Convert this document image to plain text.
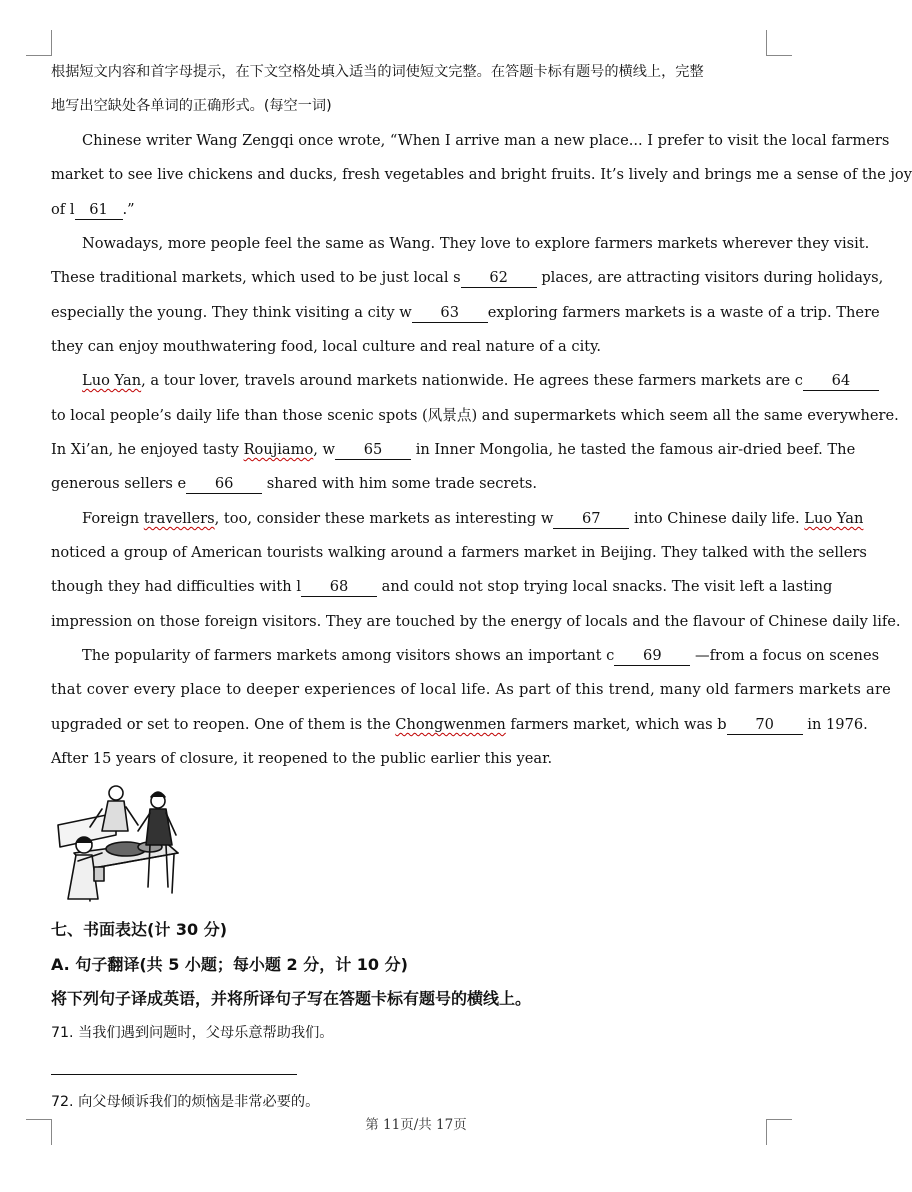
根据短文内容和首字母提示，在下文空格处填入适当的词使短文完整。在答题卡标有题号的横线上，完整
地写出空缺处各单词的正确形式。(每空一词)
Chinese writer Wang Zengqi once wrote, “When I arrive man a new place... I prefer to visit the local farmers
market to see live chickens and ducks, fresh vegetables and bright fruits. It’s lively and brings me a sense of the joy
of l 61 .”
Nowadays, more people feel the same as Wang. They love to explore farmers markets wherever they visit.
These traditional markets, which used to be just local s 62 places, are attracting visitors during holidays,
especially the young. They think visiting a city w 63 exploring farmers markets is a waste of a trip. There
they can enjoy mouthwatering food, local culture and real nature of a city.
Luo Yan, a tour lover, travels around markets nationwide. He agrees these farmers markets are c 64
to local people’s daily life than those scenic spots (风景点) and supermarkets which seem all the same everywhere.
In Xi’an, he enjoyed tasty Roujiamo, w 65 in Inner Mongolia, he tasted the famous air-dried beef. The
generous sellers e 66 shared with him some trade secrets.
Foreign travellers, too, consider these markets as interesting w 67 into Chinese daily life. Luo Yan
noticed a group of American tourists walking around a farmers market in Beijing. They talked with the sellers
though they had difficulties with l 68 and could not stop trying local snacks. The visit left a lasting
impression on those foreign visitors. They are touched by the energy of locals and the flavour of Chinese daily life.
The popularity of farmers markets among visitors shows an important c 69 —from a focus on scenes
that cover every place to deeper experiences of local life. As part of this trend, many old farmers markets are
upgraded or set to reopen. One of them is the Chongwenmen farmers market, which was b 70 in 1976.
After 15 years of closure, it reopened to the public earlier this year.
七、书面表达(计 30 分)
A. 句子翻译(共 5 小题；每小题 2 分，计 10 分)
将下列句子译成英语，并将所译句子写在答题卡标有题号的横线上。
71. 当我们遇到问题时，父母乐意帮助我们。
72. 向父母倾诉我们的烦恼是非常必要的。
第 11页/共 17页
